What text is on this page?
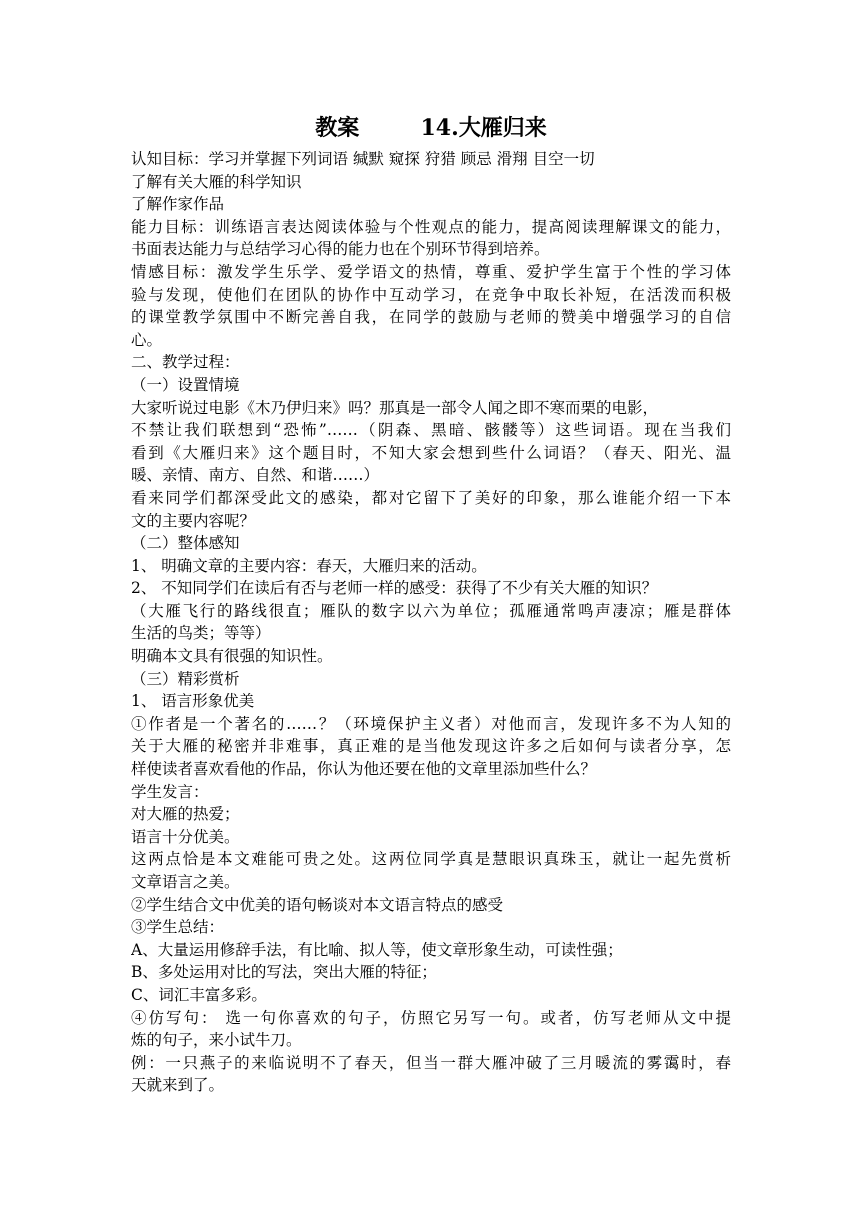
教案        14.大雁归来
认知目标：学习并掌握下列词语 缄默 窥探 狩猎 顾忌 滑翔 目空一切
了解有关大雁的科学知识
了解作家作品
能力目标：训练语言表达阅读体验与个性观点的能力，提高阅读理解课文的能力，
书面表达能力与总结学习心得的能力也在个别环节得到培养。
情感目标：激发学生乐学、爱学语文的热情，尊重、爱护学生富于个性的学习体
验与发现，使他们在团队的协作中互动学习，在竞争中取长补短，在活泼而积极
的课堂教学氛围中不断完善自我，在同学的鼓励与老师的赞美中增强学习的自信
心。
二、教学过程：
（一）设置情境
大家听说过电影《木乃伊归来》吗？那真是一部令人闻之即不寒而栗的电影，
不禁让我们联想到“恐怖”……（阴森、黑暗、骸髅等）这些词语。现在当我们
看到《大雁归来》这个题目时，不知大家会想到些什么词语？（春天、阳光、温
暖、亲情、南方、自然、和谐……）
看来同学们都深受此文的感染，都对它留下了美好的印象，那么谁能介绍一下本
文的主要内容呢？
（二）整体感知
1、 明确文章的主要内容：春天，大雁归来的活动。
2、 不知同学们在读后有否与老师一样的感受：获得了不少有关大雁的知识？
（大雁飞行的路线很直；雁队的数字以六为单位；孤雁通常鸣声凄凉；雁是群体
生活的鸟类；等等）
明确本文具有很强的知识性。
（三）精彩赏析
1、 语言形象优美
①作者是一个著名的……？（环境保护主义者）对他而言，发现许多不为人知的
关于大雁的秘密并非难事，真正难的是当他发现这许多之后如何与读者分享，怎
样使读者喜欢看他的作品，你认为他还要在他的文章里添加些什么？
学生发言：
对大雁的热爱；
语言十分优美。
这两点恰是本文难能可贵之处。这两位同学真是慧眼识真珠玉，就让一起先赏析
文章语言之美。
②学生结合文中优美的语句畅谈对本文语言特点的感受
③学生总结：
A、大量运用修辞手法，有比喻、拟人等，使文章形象生动，可读性强；
B、多处运用对比的写法，突出大雁的特征；
C、词汇丰富多彩。
④仿写句： 选一句你喜欢的句子，仿照它另写一句。或者，仿写老师从文中提
炼的句子，来小试牛刀。
例：一只燕子的来临说明不了春天，但当一群大雁冲破了三月暖流的雾霭时，春
天就来到了。
